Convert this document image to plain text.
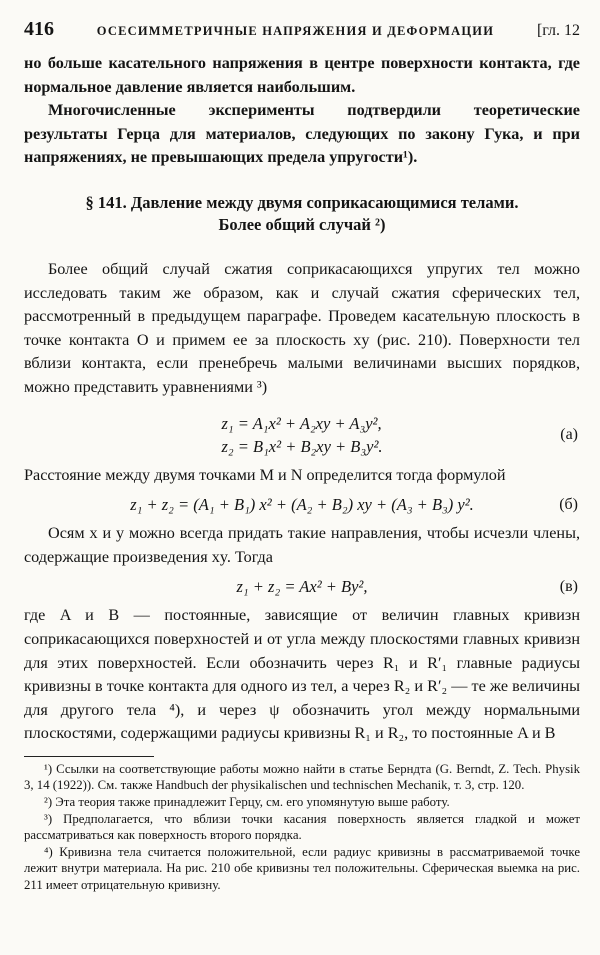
416	ОСЕСИММЕТРИЧНЫЕ НАПРЯЖЕНИЯ И ДЕФОРМАЦИИ	[гл. 12

но больше касательного напряжения в центре поверхности контакта, где нормальное давление является наибольшим.

Многочисленные эксперименты подтвердили теоретические результаты Герца для материалов, следующих по закону Гука, и при напряжениях, не превышающих предела упругости¹).

§ 141. Давление между двумя соприкасающимися телами.
Более общий случай ²)

Более общий случай сжатия соприкасающихся упругих тел можно исследовать таким же образом, как и случай сжатия сферических тел, рассмотренный в предыдущем параграфе. Проведем касательную плоскость в точке контакта O и примем ее за плоскость xy (рис. 210). Поверхности тел вблизи контакта, если пренебречь малыми величинами высших порядков, можно представить уравнениями ³)

z₁ = A₁x² + A₂xy + A₃y²,
z₂ = B₁x² + B₂xy + B₃y².
(а)

Расстояние между двумя точками M и N определится тогда формулой

z₁ + z₂ = (A₁ + B₁) x² + (A₂ + B₂) xy + (A₃ + B₃) y².	(б)

Осям x и y можно всегда придать такие направления, чтобы исчезли члены, содержащие произведения xy. Тогда

z₁ + z₂ = Ax² + By²,	(в)

где A и B — постоянные, зависящие от величин главных кривизн соприкасающихся поверхностей и от угла между плоскостями главных кривизн для этих поверхностей. Если обозначить через R₁ и R′₁ главные радиусы кривизны в точке контакта для одного из тел, а через R₂ и R′₂ — те же величины для другого тела ⁴), и через ψ обозначить угол между нормальными плоскостями, содержащими радиусы кривизны R₁ и R₂, то постоянные A и B

¹) Ссылки на соответствующие работы можно найти в статье Берндта (G. Berndt, Z. Tech. Physik 3, 14 (1922)). См. также Handbuch der physikalischen und technischen Mechanik, т. 3, стр. 120.

²) Эта теория также принадлежит Герцу, см. его упомянутую выше работу.

³) Предполагается, что вблизи точки касания поверхность является гладкой и может рассматриваться как поверхность второго порядка.

⁴) Кривизна тела считается положительной, если радиус кривизны в рассматриваемой точке лежит внутри материала. На рис. 210 обе кривизны тел положительны. Сферическая выемка на рис. 211 имеет отрицательную кривизну.
